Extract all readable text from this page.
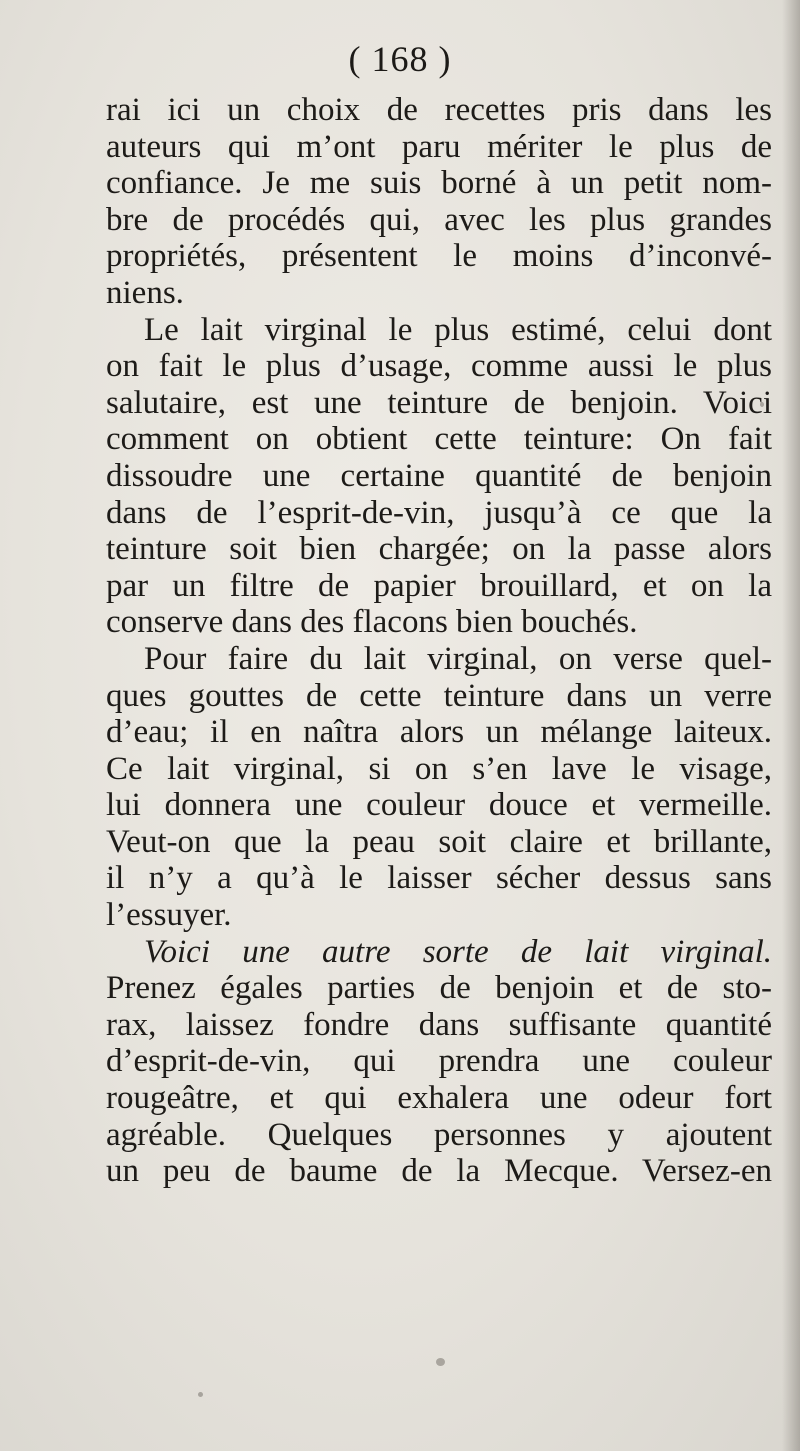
( 168 )
rai ici un choix de recettes pris dans les
auteurs qui m’ont paru mériter le plus de
confiance. Je me suis borné à un petit nom-
bre de procédés qui, avec les plus grandes
propriétés, présentent le moins d’inconvé-
niens.
Le lait virginal le plus estimé, celui dont
on fait le plus d’usage, comme aussi le plus
salutaire, est une teinture de benjoin. Voici
comment on obtient cette teinture: On fait
dissoudre une certaine quantité de benjoin
dans de l’esprit-de-vin, jusqu’à ce que la
teinture soit bien chargée; on la passe alors
par un filtre de papier brouillard, et on la
conserve dans des flacons bien bouchés.
Pour faire du lait virginal, on verse quel-
ques gouttes de cette teinture dans un verre
d’eau; il en naîtra alors un mélange laiteux.
Ce lait virginal, si on s’en lave le visage,
lui donnera une couleur douce et vermeille.
Veut-on que la peau soit claire et brillante,
il n’y a qu’à le laisser sécher dessus sans
l’essuyer.
Voici une autre sorte de lait virginal.
Prenez égales parties de benjoin et de sto-
rax, laissez fondre dans suffisante quantité
d’esprit-de-vin, qui prendra une couleur
rougeâtre, et qui exhalera une odeur fort
agréable. Quelques personnes y ajoutent
un peu de baume de la Mecque. Versez-en
